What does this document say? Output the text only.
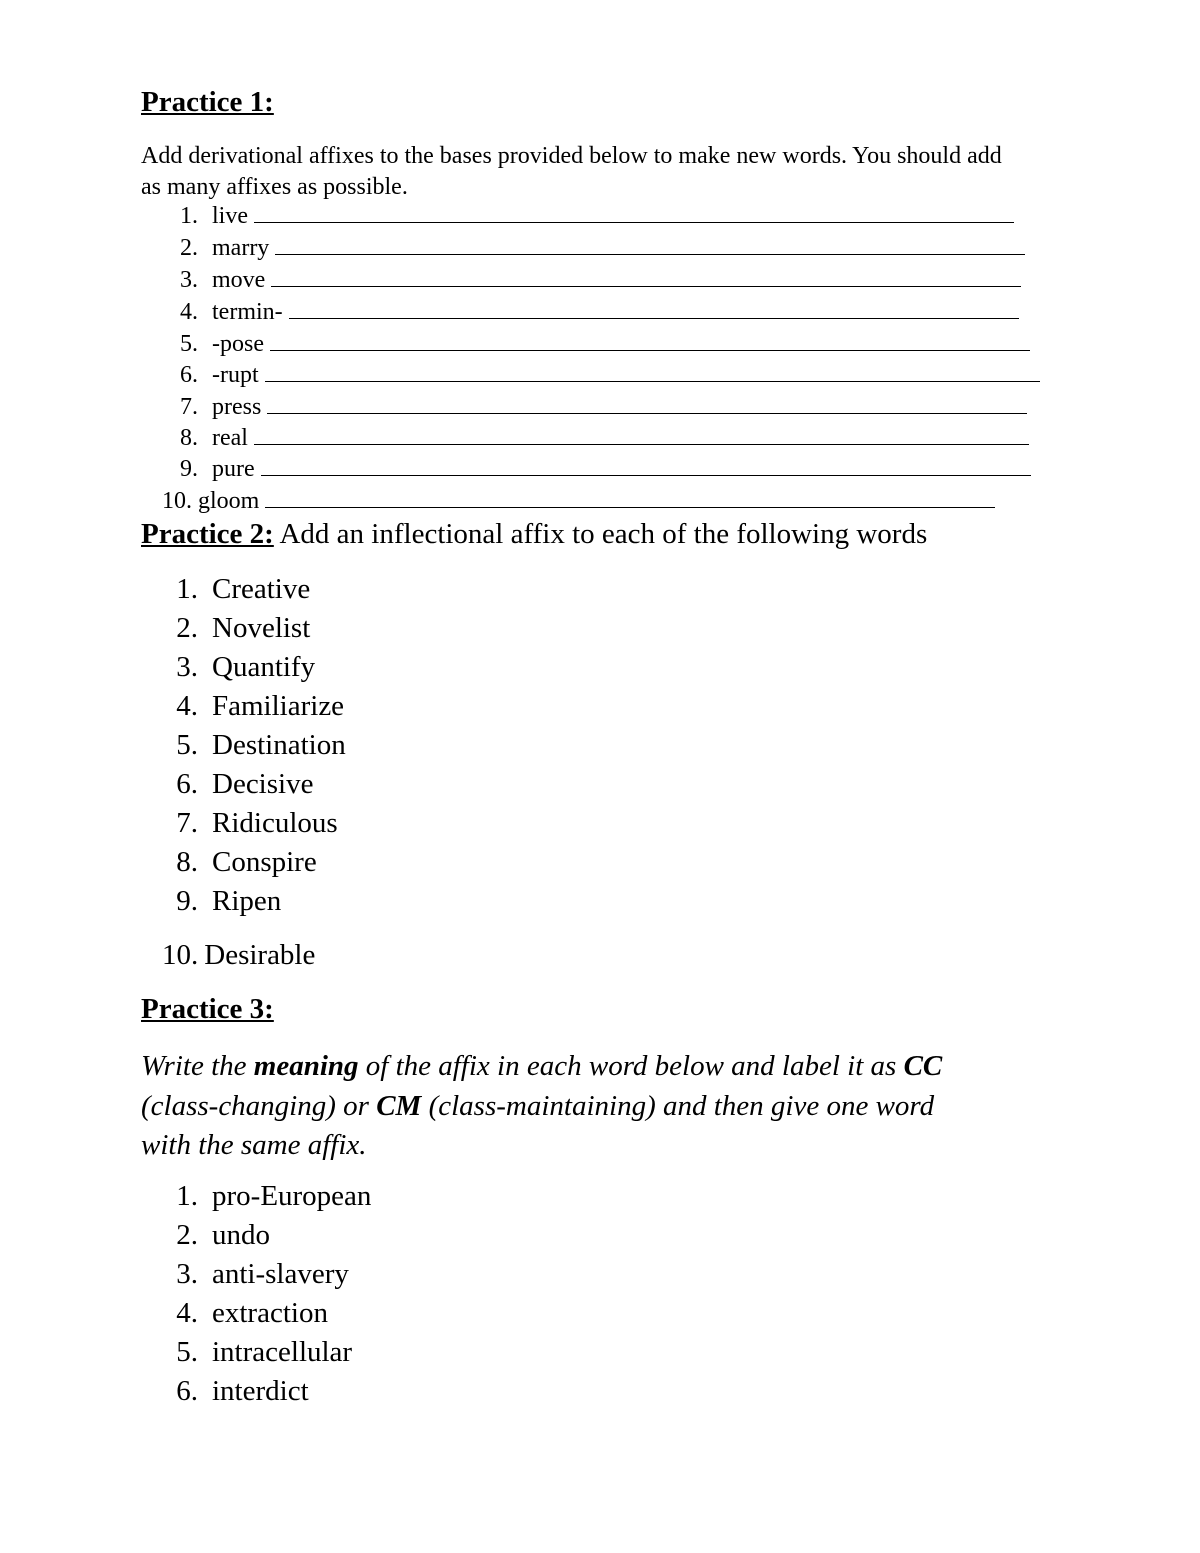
Practice 1:
Add derivational affixes to the bases provided below to make new words. You should add as many affixes as possible.
1. live
2. marry
3. move
4. termin-
5. -pose
6. -rupt
7. press
8. real
9. pure
10. gloom
Practice 2: Add an inflectional affix to each of the following words
1. Creative
2. Novelist
3. Quantify
4. Familiarize
5. Destination
6. Decisive
7. Ridiculous
8. Conspire
9. Ripen
10. Desirable
Practice 3:
Write the meaning of the affix in each word below and label it as CC
(class-changing) or CM (class-maintaining) and then give one word
with the same affix.
1. pro-European
2. undo
3. anti-slavery
4. extraction
5. intracellular
6. interdict
